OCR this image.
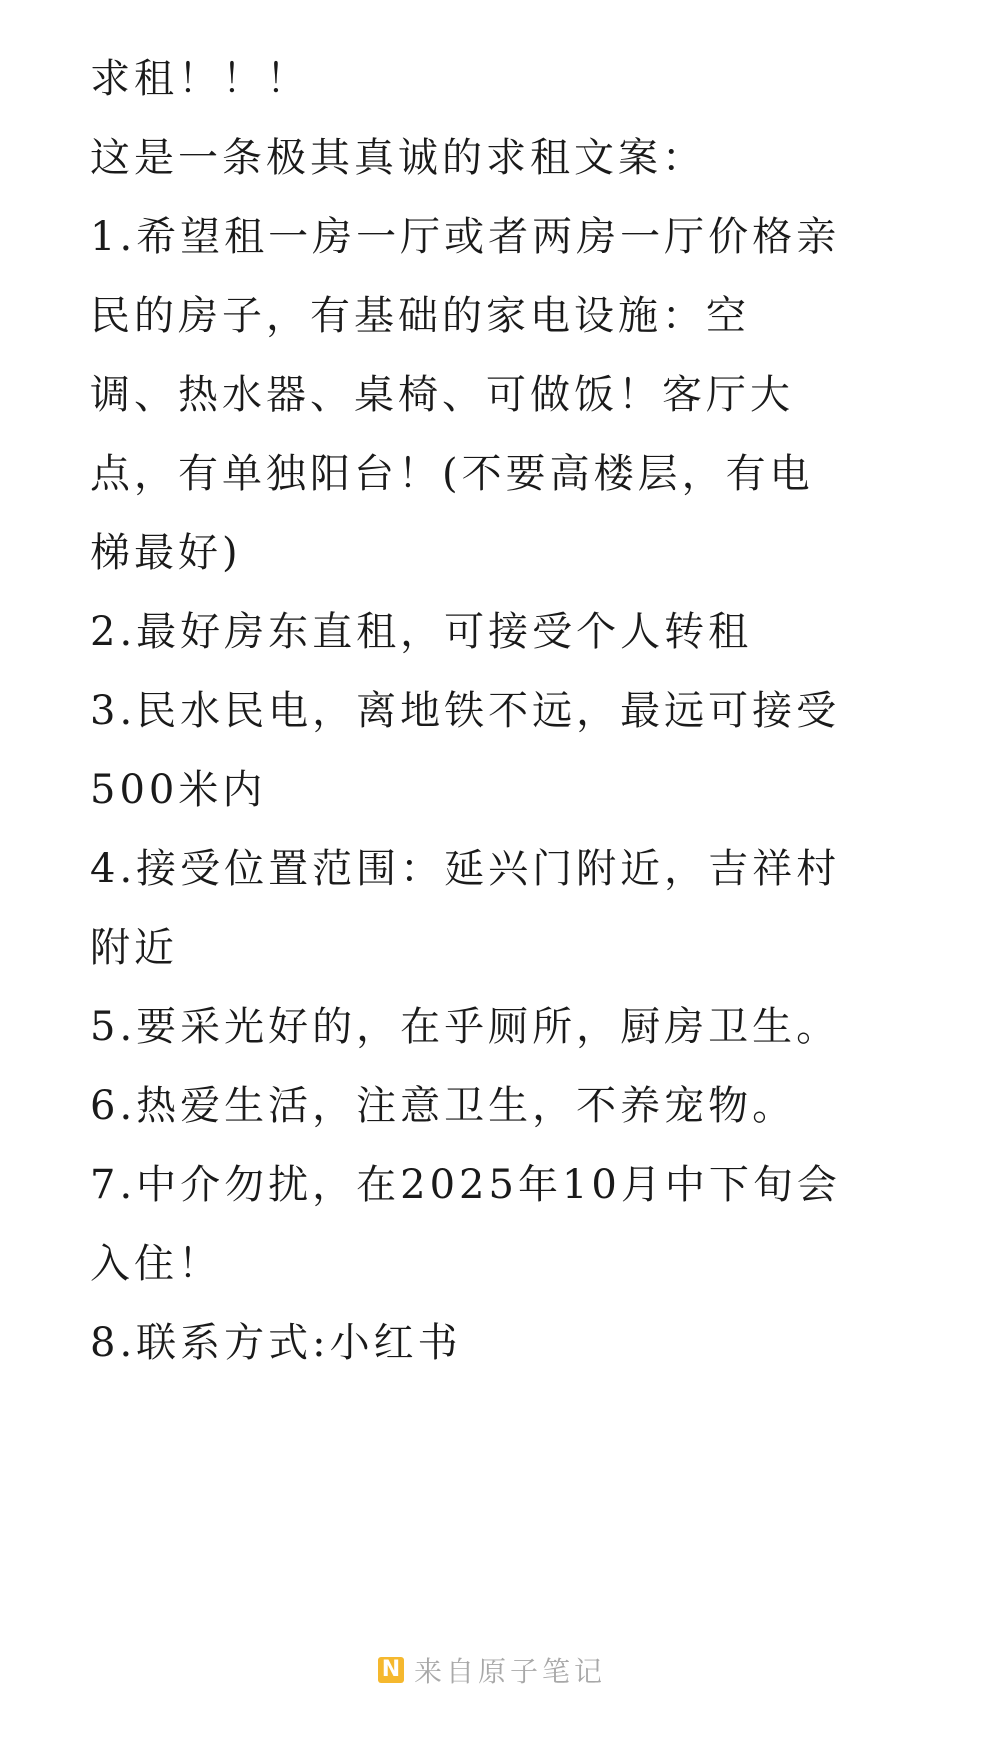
求租！！！
这是一条极其真诚的求租文案：
1.希望租一房一厅或者两房一厅价格亲
民的房子，有基础的家电设施：空
调、热水器、桌椅、可做饭！客厅大
点，有单独阳台！(不要高楼层，有电
梯最好)
2.最好房东直租，可接受个人转租
3.民水民电，离地铁不远，最远可接受
500米内
4.接受位置范围：延兴门附近，吉祥村
附近
5.要采光好的，在乎厕所，厨房卫生。
6.热爱生活，注意卫生，不养宠物。
7.中介勿扰，在2025年10月中下旬会
入住！
8.联系方式:小红书
N 来自原子笔记
